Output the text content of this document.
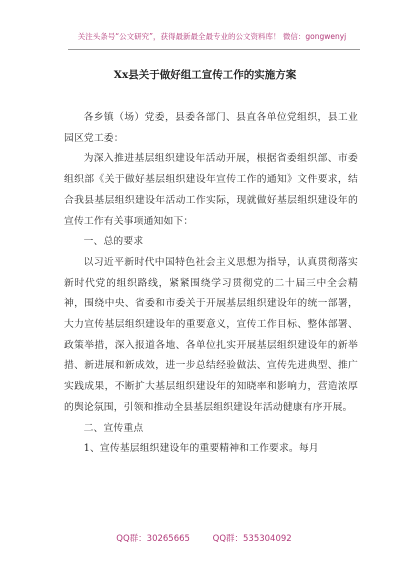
关注头条号“公文研究”，获得最新最全最专业的公文资料库！ 微信：gongwenyj
Xx县关于做好组工宣传工作的实施方案

各乡镇（场）党委，县委各部门、县直各单位党组织，县工业园区党工委：

为深入推进基层组织建设年活动开展，根据省委组织部、市委组织部《关于做好基层组织建设年宣传工作的通知》文件要求，结合我县基层组织建设年活动工作实际，现就做好基层组织建设年的宣传工作有关事项通知如下：

一、总的要求

以习近平新时代中国特色社会主义思想为指导，认真贯彻落实新时代党的组织路线，紧紧围绕学习贯彻党的二十届三中全会精神，围绕中央、省委和市委关于开展基层组织建设年的统一部署，大力宣传基层组织建设年的重要意义，宣传工作目标、整体部署、政策举措，深入报道各地、各单位扎实开展基层组织建设年的新举措、新进展和新成效，进一步总结经验做法、宣传先进典型、推广实践成果，不断扩大基层组织建设年的知晓率和影响力，营造浓厚的舆论氛围，引领和推动全县基层组织建设年活动健康有序开展。

二、宣传重点

1、宣传基层组织建设年的重要精神和工作要求。每月

QQ群：30265665	QQ群：535304092
